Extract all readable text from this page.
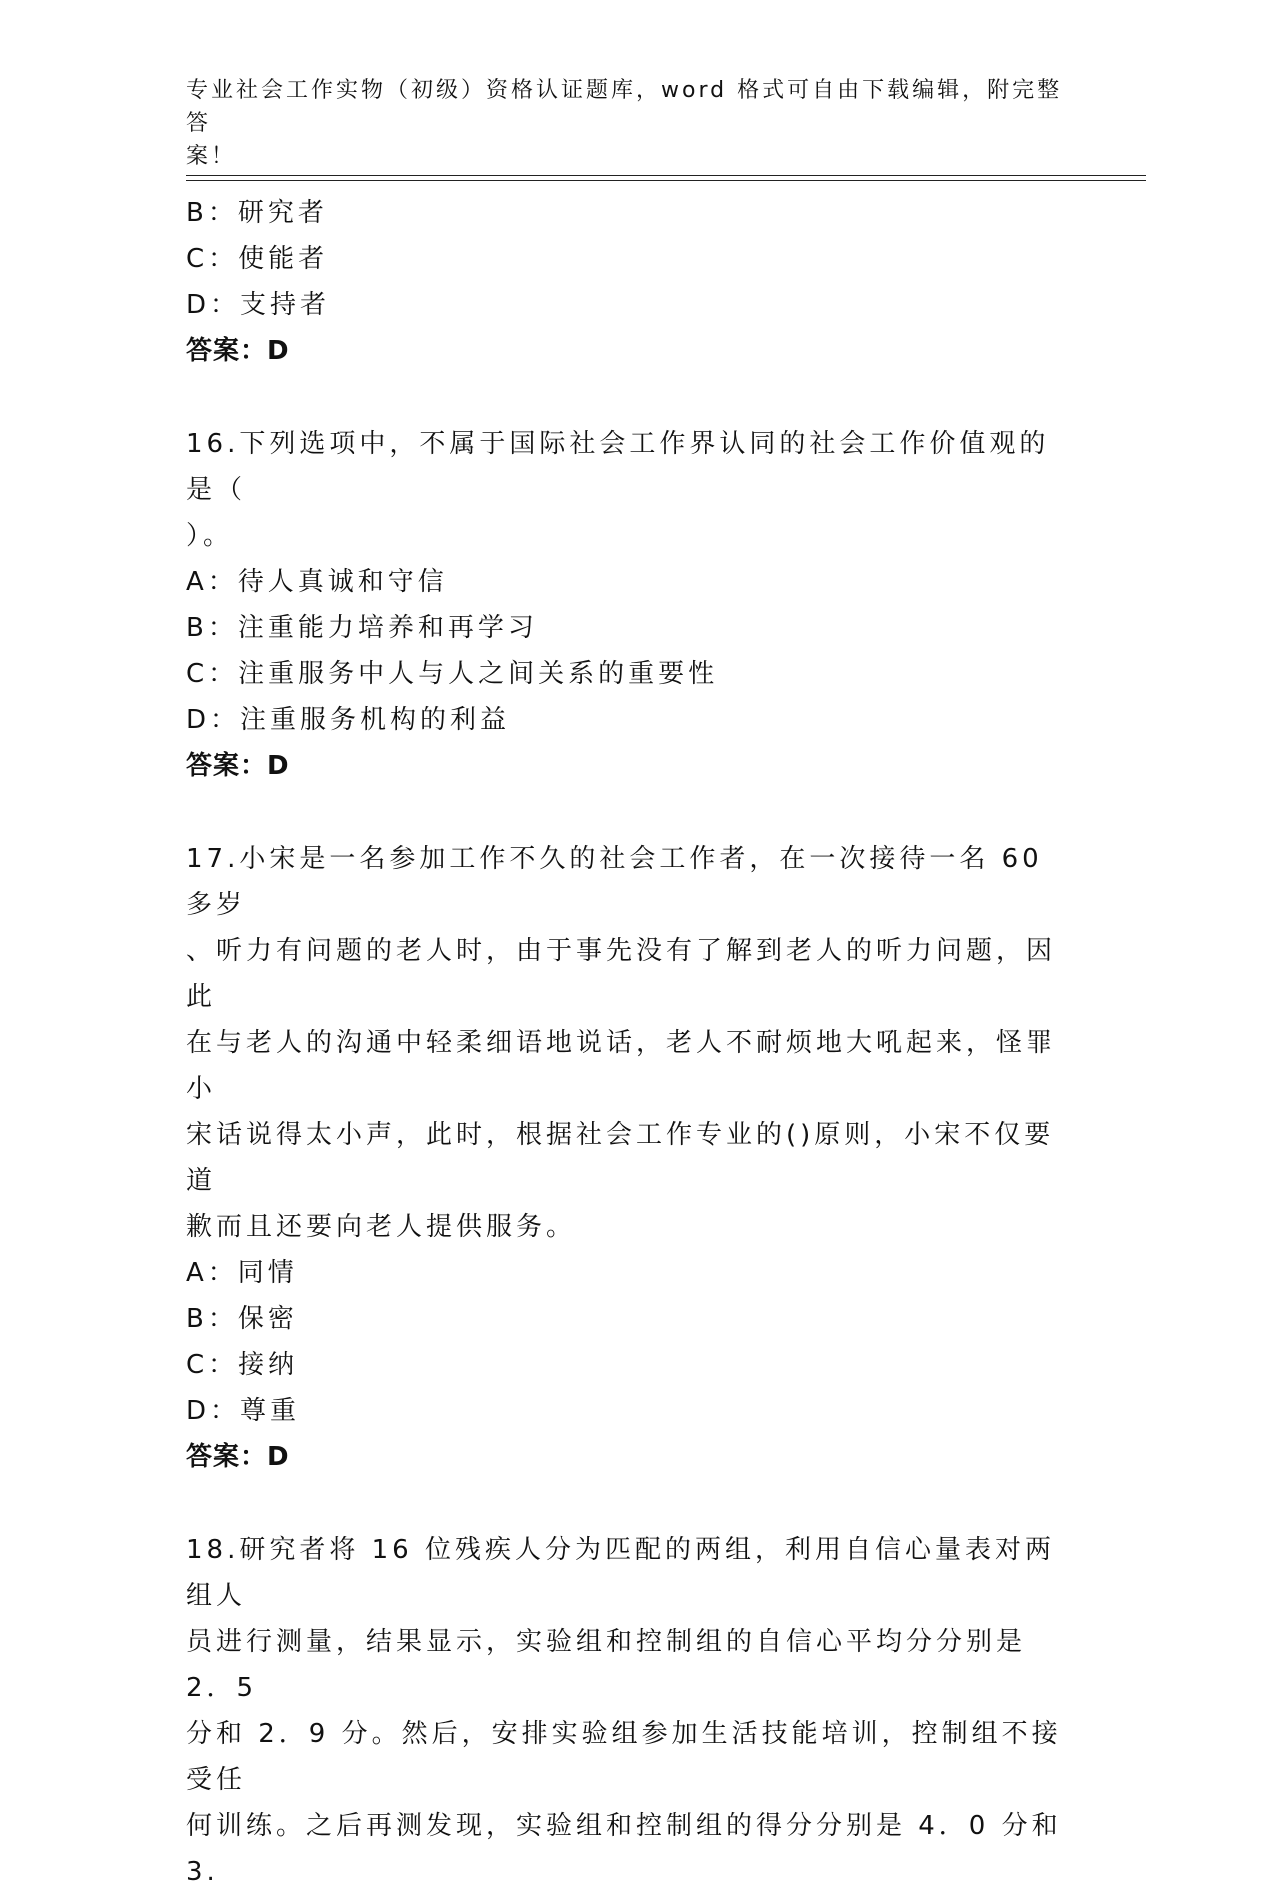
专业社会工作实物（初级）资格认证题库，word 格式可自由下载编辑，附完整答
案！
B：研究者
C：使能者
D：支持者
答案：D
16.下列选项中，不属于国际社会工作界认同的社会工作价值观的是（
）。
A：待人真诚和守信
B：注重能力培养和再学习
C：注重服务中人与人之间关系的重要性
D：注重服务机构的利益
答案：D
17.小宋是一名参加工作不久的社会工作者，在一次接待一名 60 多岁
、听力有问题的老人时，由于事先没有了解到老人的听力问题，因此
在与老人的沟通中轻柔细语地说话，老人不耐烦地大吼起来，怪罪小
宋话说得太小声，此时，根据社会工作专业的()原则，小宋不仅要道
歉而且还要向老人提供服务。
A：同情
B：保密
C：接纳
D：尊重
答案：D
18.研究者将 16 位残疾人分为匹配的两组，利用自信心量表对两组人
员进行测量，结果显示，实验组和控制组的自信心平均分分别是 2．5
分和 2．9 分。然后，安排实验组参加生活技能培训，控制组不接受任
何训练。之后再测发现，实验组和控制组的得分分别是 4．0 分和 3.
